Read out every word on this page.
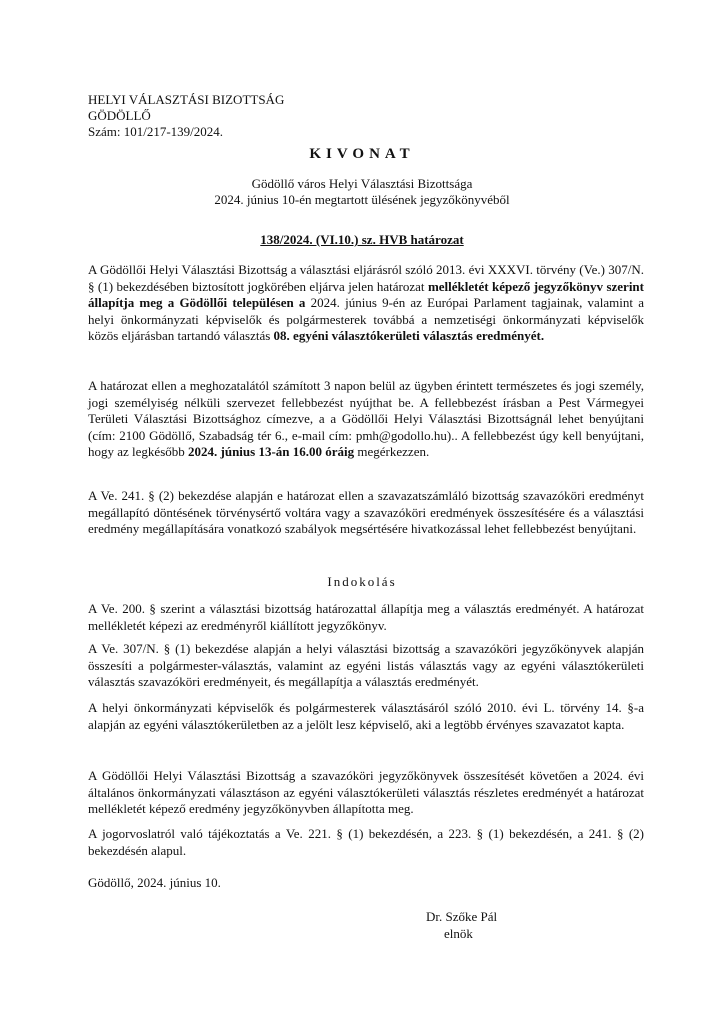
HELYI VÁLASZTÁSI BIZOTTSÁG
GÖDÖLLŐ
Szám: 101/217-139/2024.
KIVONAT
Gödöllő város Helyi Választási Bizottsága
2024. június 10-én megtartott ülésének jegyzőkönyvéből
138/2024. (VI.10.) sz. HVB határozat
A Gödöllői Helyi Választási Bizottság a választási eljárásról szóló 2013. évi XXXVI. törvény (Ve.) 307/N. § (1) bekezdésében biztosított jogkörében eljárva jelen határozat mellékletét képező jegyzőkönyv szerint állapítja meg a Gödöllői településen a 2024. június 9-én az Európai Parlament tagjainak, valamint a helyi önkormányzati képviselők és polgármesterek továbbá a nemzetiségi önkormányzati képviselők közös eljárásban tartandó választás 08. egyéni választókerületi választás eredményét.
A határozat ellen a meghozatalától számított 3 napon belül az ügyben érintett természetes és jogi személy, jogi személyiség nélküli szervezet fellebbezést nyújthat be. A fellebbezést írásban a Pest Vármegyei Területi Választási Bizottsághoz címezve, a a Gödöllői Helyi Választási Bizottságnál lehet benyújtani (cím: 2100 Gödöllő, Szabadság tér 6., e-mail cím: pmh@godollo.hu).. A fellebbezést úgy kell benyújtani, hogy az legkésőbb 2024. június 13-án 16.00 óráig megérkezzen.
A Ve. 241. § (2) bekezdése alapján e határozat ellen a szavazatszámláló bizottság szavazóköri eredményt megállapító döntésének törvénysértő voltára vagy a szavazóköri eredmények összesítésére és a választási eredmény megállapítására vonatkozó szabályok megsértésére hivatkozással lehet fellebbezést benyújtani.
Indokolás
A Ve. 200. § szerint a választási bizottság határozattal állapítja meg a választás eredményét. A határozat mellékletét képezi az eredményről kiállított jegyzőkönyv.
A Ve. 307/N. § (1) bekezdése alapján a helyi választási bizottság a szavazóköri jegyzőkönyvek alapján összesíti a polgármester-választás, valamint az egyéni listás választás vagy az egyéni választókerületi választás szavazóköri eredményeit, és megállapítja a választás eredményét.
A helyi önkormányzati képviselők és polgármesterek választásáról szóló 2010. évi L. törvény 14. §-a alapján az egyéni választókerületben az a jelölt lesz képviselő, aki a legtöbb érvényes szavazatot kapta.
A Gödöllői Helyi Választási Bizottság a szavazóköri jegyzőkönyvek összesítését követően a 2024. évi általános önkormányzati választáson az egyéni választókerületi választás részletes eredményét a határozat mellékletét képező eredmény jegyzőkönyvben állapította meg.
A jogorvoslatról való tájékoztatás a Ve. 221. § (1) bekezdésén, a 223. § (1) bekezdésén, a 241. § (2) bekezdésén alapul.
Gödöllő, 2024. június 10.
Dr. Szőke Pál
elnök
